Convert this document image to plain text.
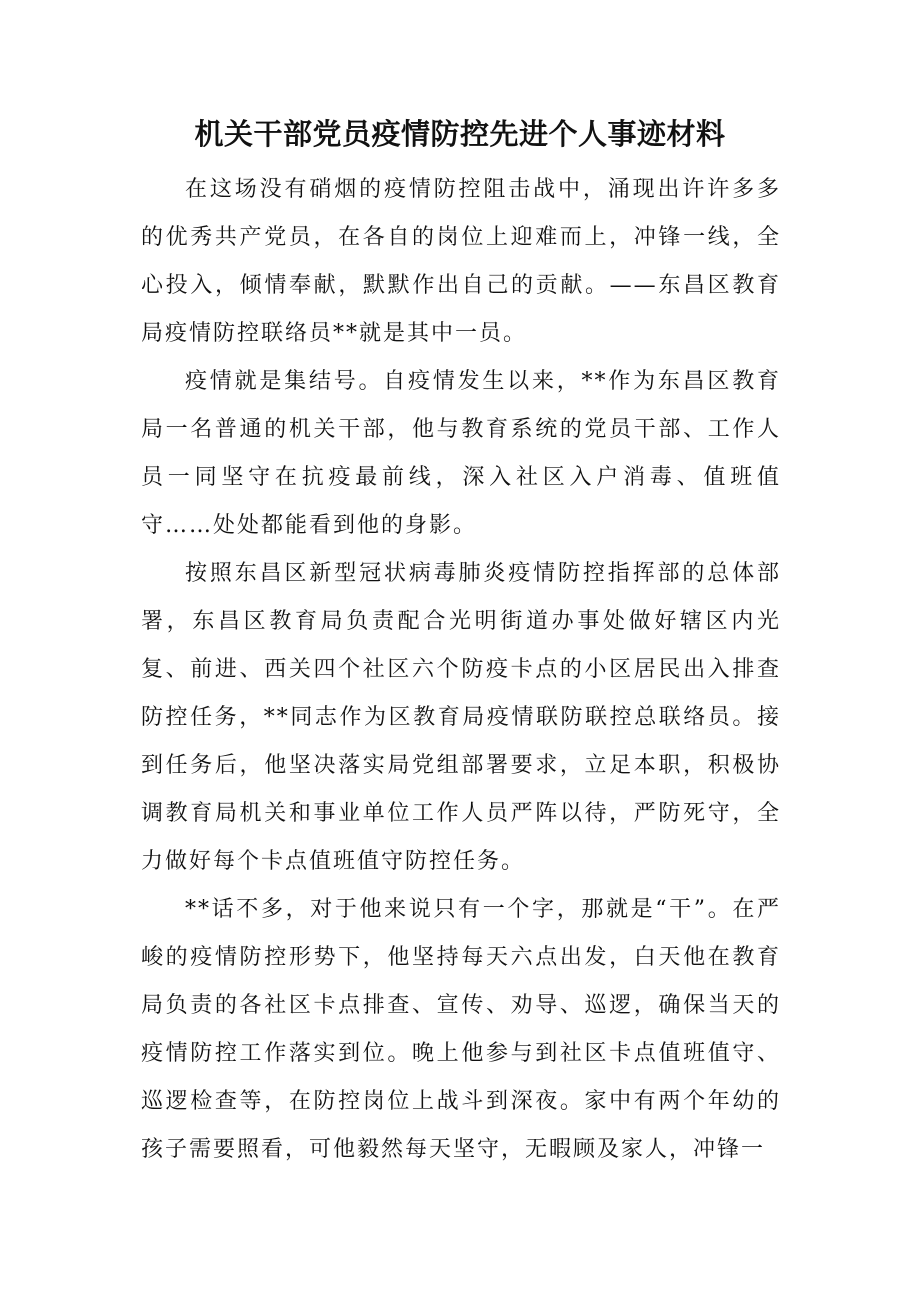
机关干部党员疫情防控先进个人事迹材料

在这场没有硝烟的疫情防控阻击战中，涌现出许许多多的优秀共产党员，在各自的岗位上迎难而上，冲锋一线，全心投入，倾情奉献，默默作出自己的贡献。——东昌区教育局疫情防控联络员**就是其中一员。

疫情就是集结号。自疫情发生以来，**作为东昌区教育局一名普通的机关干部，他与教育系统的党员干部、工作人员一同坚守在抗疫最前线，深入社区入户消毒、值班值守……处处都能看到他的身影。

按照东昌区新型冠状病毒肺炎疫情防控指挥部的总体部署，东昌区教育局负责配合光明街道办事处做好辖区内光复、前进、西关四个社区六个防疫卡点的小区居民出入排查防控任务，**同志作为区教育局疫情联防联控总联络员。接到任务后，他坚决落实局党组部署要求，立足本职，积极协调教育局机关和事业单位工作人员严阵以待，严防死守，全力做好每个卡点值班值守防控任务。

**话不多，对于他来说只有一个字，那就是“干”。在严峻的疫情防控形势下，他坚持每天六点出发，白天他在教育局负责的各社区卡点排查、宣传、劝导、巡逻，确保当天的疫情防控工作落实到位。晚上他参与到社区卡点值班值守、巡逻检查等，在防控岗位上战斗到深夜。家中有两个年幼的孩子需要照看，可他毅然每天坚守，无暇顾及家人，冲锋一
